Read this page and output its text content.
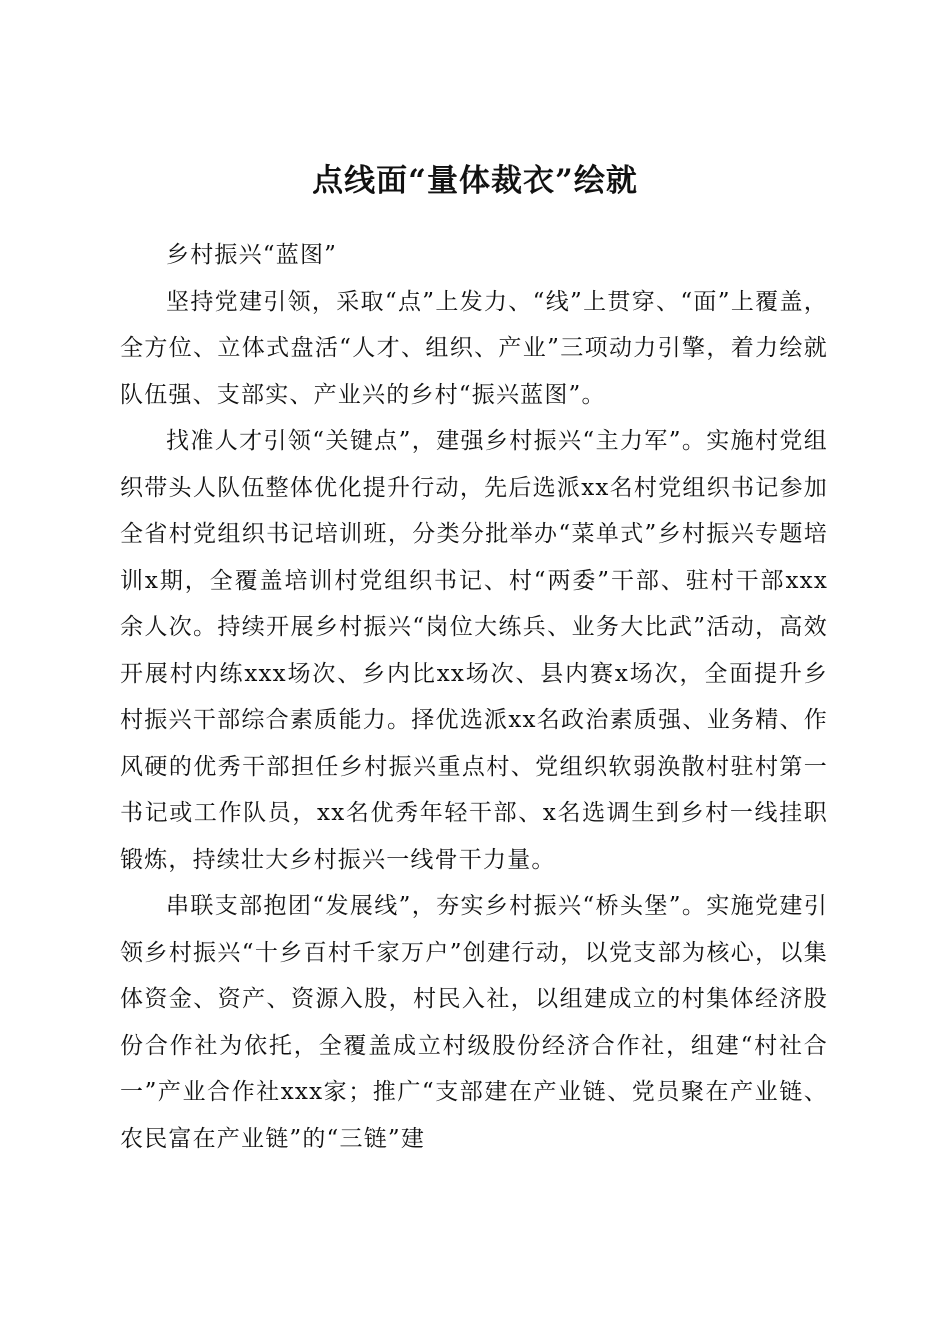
点线面“量体裁衣”绘就

乡村振兴“蓝图”

坚持党建引领，采取“点”上发力、“线”上贯穿、“面”上覆盖，全方位、立体式盘活“人才、组织、产业”三项动力引擎，着力绘就队伍强、支部实、产业兴的乡村“振兴蓝图”。

找准人才引领“关键点”，建强乡村振兴“主力军”。实施村党组织带头人队伍整体优化提升行动，先后选派xx名村党组织书记参加全省村党组织书记培训班，分类分批举办“菜单式”乡村振兴专题培训x期，全覆盖培训村党组织书记、村“两委”干部、驻村干部xxx余人次。持续开展乡村振兴“岗位大练兵、业务大比武”活动，高效开展村内练xxx场次、乡内比xx场次、县内赛x场次，全面提升乡村振兴干部综合素质能力。择优选派xx名政治素质强、业务精、作风硬的优秀干部担任乡村振兴重点村、党组织软弱涣散村驻村第一书记或工作队员，xx名优秀年轻干部、x名选调生到乡村一线挂职锻炼，持续壮大乡村振兴一线骨干力量。

串联支部抱团“发展线”，夯实乡村振兴“桥头堡”。实施党建引领乡村振兴“十乡百村千家万户”创建行动，以党支部为核心，以集体资金、资产、资源入股，村民入社，以组建成立的村集体经济股份合作社为依托，全覆盖成立村级股份经济合作社，组建“村社合一”产业合作社xxx家；推广“支部建在产业链、党员聚在产业链、农民富在产业链”的“三链”建
